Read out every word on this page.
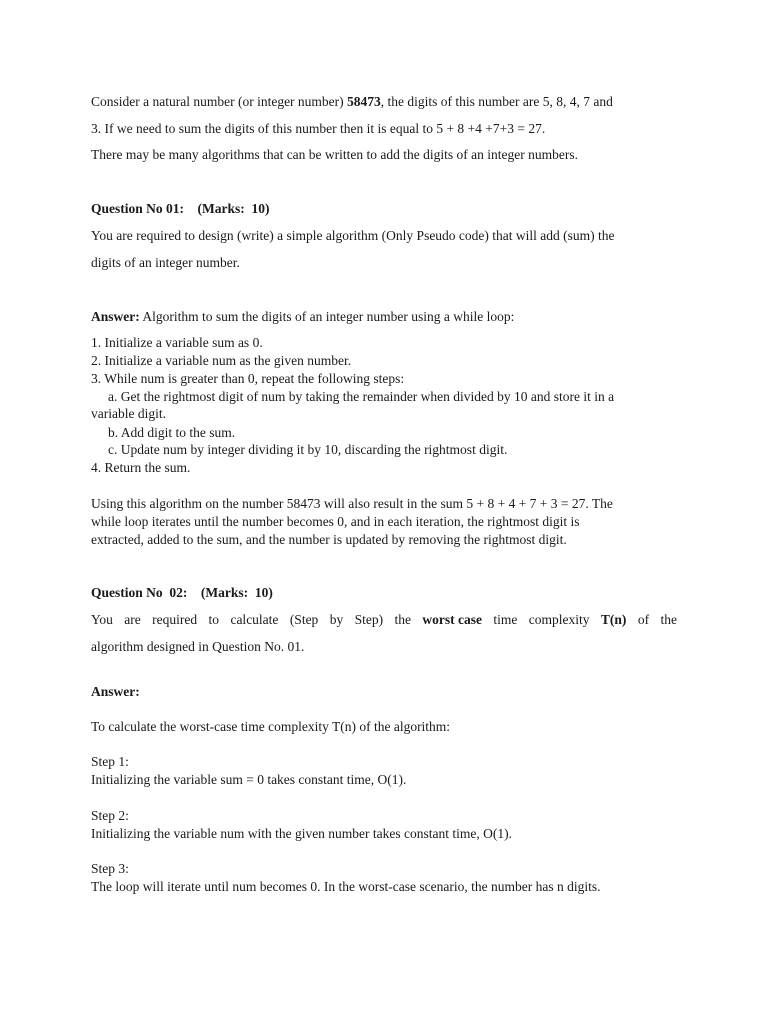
Consider a natural number (or integer number) 58473, the digits of this number are 5, 8, 4, 7 and
3. If we need to sum the digits of this number then it is equal to 5 + 8 +4 +7+3 = 27.
There may be many algorithms that can be written to add the digits of an integer numbers.
Question No 01:    (Marks:  10)
You are required to design (write) a simple algorithm (Only Pseudo code) that will add (sum) the
digits of an integer number.
Answer: Algorithm to sum the digits of an integer number using a while loop:
1. Initialize a variable sum as 0.
2. Initialize a variable num as the given number.
3. While num is greater than 0, repeat the following steps:
a. Get the rightmost digit of num by taking the remainder when divided by 10 and store it in a
variable digit.
b. Add digit to the sum.
c. Update num by integer dividing it by 10, discarding the rightmost digit.
4. Return the sum.
Using this algorithm on the number 58473 will also result in the sum 5 + 8 + 4 + 7 + 3 = 27. The
while loop iterates until the number becomes 0, and in each iteration, the rightmost digit is
extracted, added to the sum, and the number is updated by removing the rightmost digit.
Question No  02:    (Marks:  10)
You are required to calculate (Step by Step) the worst case time complexity T(n) of the
algorithm designed in Question No. 01.
Answer:
To calculate the worst-case time complexity T(n) of the algorithm:
Step 1:
Initializing the variable sum = 0 takes constant time, O(1).
Step 2:
Initializing the variable num with the given number takes constant time, O(1).
Step 3:
The loop will iterate until num becomes 0. In the worst-case scenario, the number has n digits.
